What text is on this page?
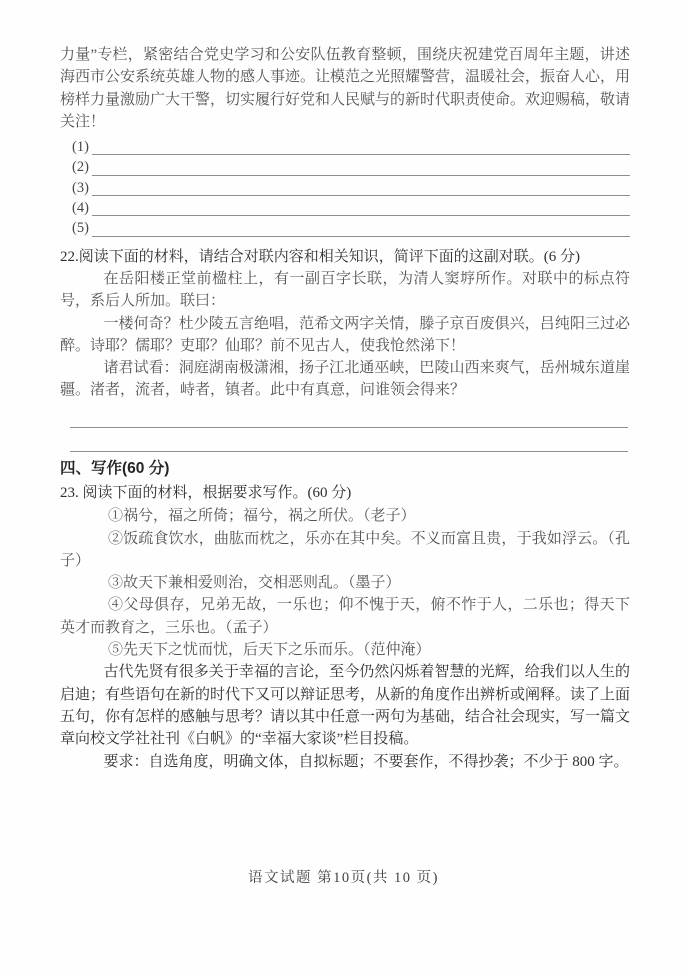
力量”专栏，紧密结合党史学习和公安队伍教育整顿，围绕庆祝建党百周年主题，讲述海西市公安系统英雄人物的感人事迹。让模范之光照耀警营，温暖社会，振奋人心，用榜样力量激励广大干警，切实履行好党和人民赋与的新时代职责使命。欢迎赐稿，敬请关注！

(1)
(2)
(3)
(4)
(5)

22.阅读下面的材料，请结合对联内容和相关知识，简评下面的这副对联。(6 分)

在岳阳楼正堂前楹柱上，有一副百字长联，为清人窦垿所作。对联中的标点符号，系后人所加。联曰：

一楼何奇？杜少陵五言绝唱，范希文两字关情，滕子京百废俱兴，吕纯阳三过必醉。诗耶？儒耶？吏耶？仙耶？前不见古人，使我怆然涕下！

诸君试看：洞庭湖南极潇湘，扬子江北通巫峡，巴陵山西来爽气，岳州城东道崖疆。渚者，流者，峙者，镇者。此中有真意，问谁领会得来？

四、写作(60 分)

23. 阅读下面的材料，根据要求写作。(60 分)

①祸兮，福之所倚；福兮，祸之所伏。（老子）

②饭疏食饮水，曲肱而枕之，乐亦在其中矣。不义而富且贵，于我如浮云。（孔子）

③故天下兼相爱则治，交相恶则乱。（墨子）

④父母俱存，兄弟无故，一乐也；仰不愧于天，俯不怍于人，二乐也；得天下英才而教育之，三乐也。（孟子）

⑤先天下之忧而忧，后天下之乐而乐。（范仲淹）

古代先贤有很多关于幸福的言论，至今仍然闪烁着智慧的光辉，给我们以人生的启迪；有些语句在新的时代下又可以辩证思考，从新的角度作出辨析或阐释。读了上面五句，你有怎样的感触与思考？请以其中任意一两句为基础，结合社会现实，写一篇文章向校文学社社刊《白帆》的“幸福大家谈”栏目投稿。

要求：自选角度，明确文体，自拟标题；不要套作，不得抄袭；不少于 800 字。

语文试题 第10页(共 10 页)
